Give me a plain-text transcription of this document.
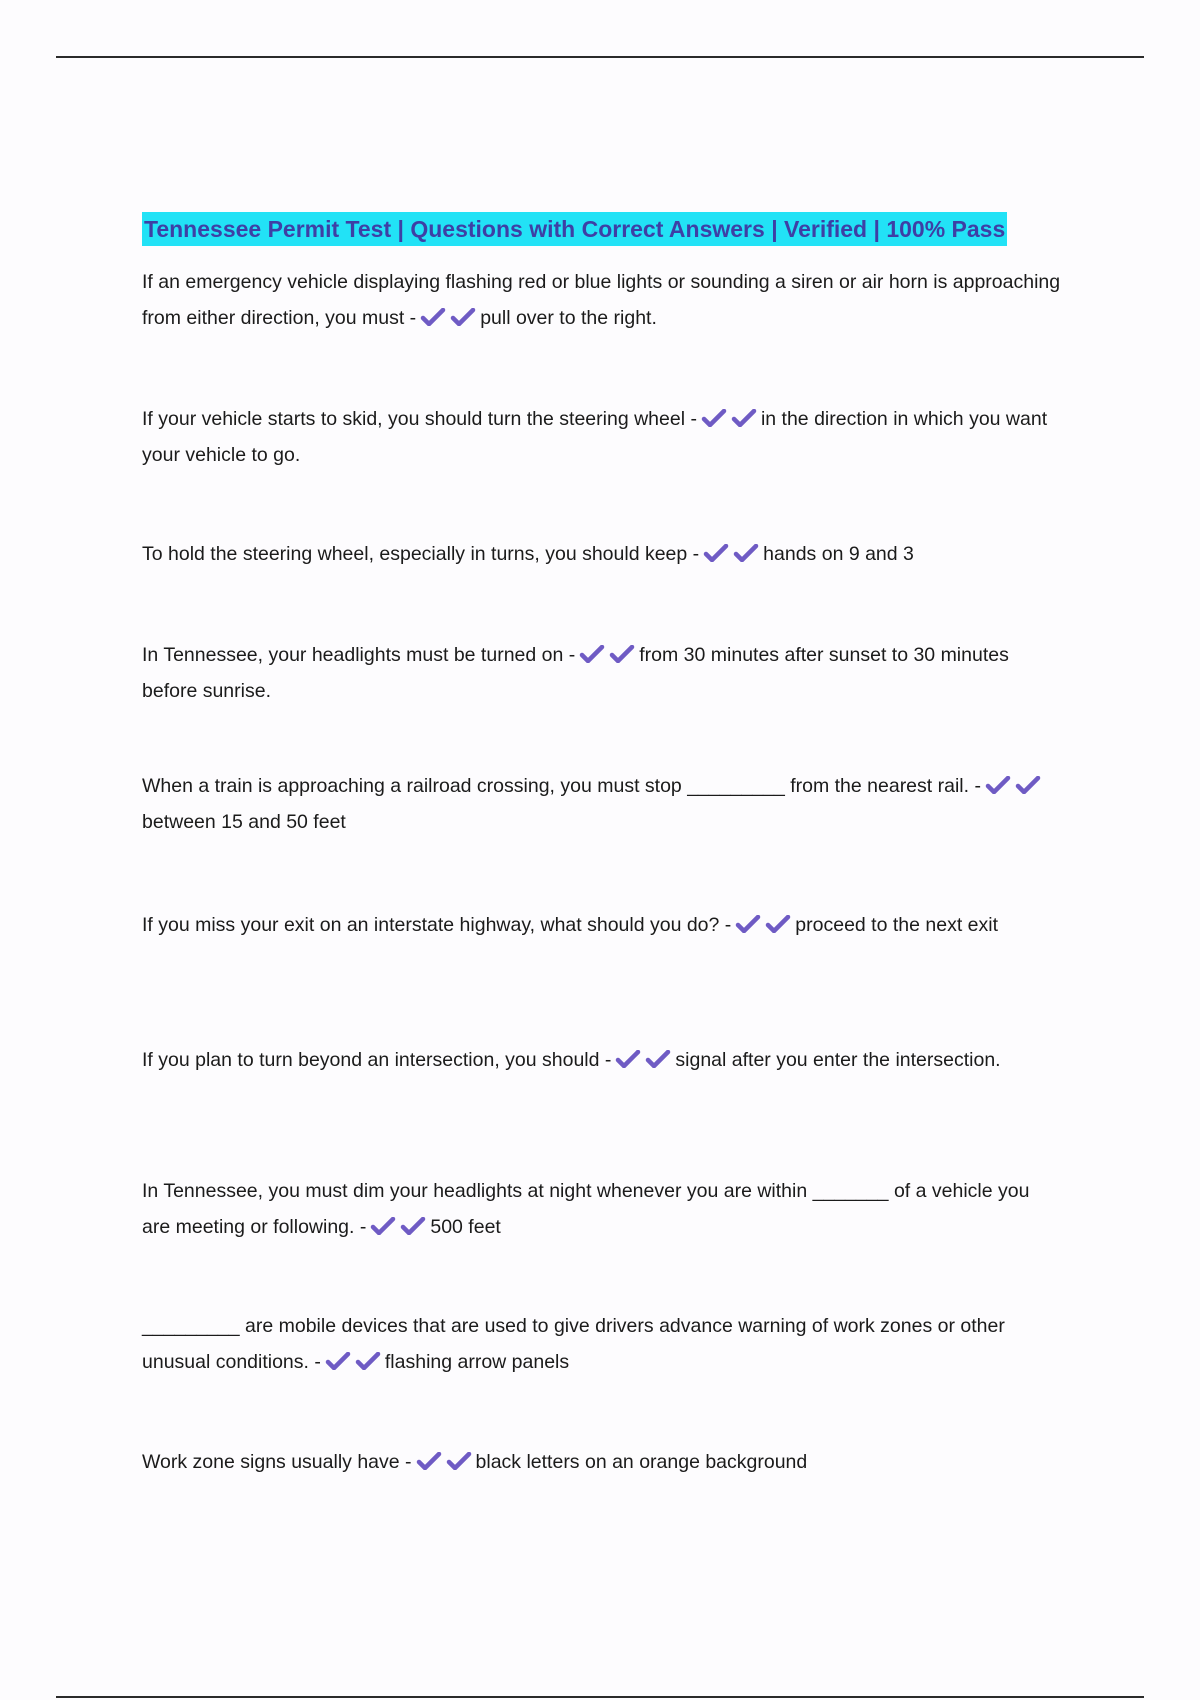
Tennessee Permit Test | Questions with Correct Answers | Verified | 100% Pass
If an emergency vehicle displaying flashing red or blue lights or sounding a siren or air horn is approaching from either direction, you must -	pull over to the right.
If your vehicle starts to skid, you should turn the steering wheel -	in the direction in which you want your vehicle to go.
To hold the steering wheel, especially in turns, you should keep -	hands on 9 and 3
In Tennessee, your headlights must be turned on -	from 30 minutes after sunset to 30 minutes before sunrise.
When a train is approaching a railroad crossing, you must stop _________ from the nearest rail. -between 15 and 50 feet
If you miss your exit on an interstate highway, what should you do? -	proceed to the next exit
If you plan to turn beyond an intersection, you should -	signal after you enter the intersection.
In Tennessee, you must dim your headlights at night whenever you are within _______ of a vehicle you are meeting or following. -	500 feet
_________ are mobile devices that are used to give drivers advance warning of work zones or other unusual conditions. -	flashing arrow panels
Work zone signs usually have -	black letters on an orange background
